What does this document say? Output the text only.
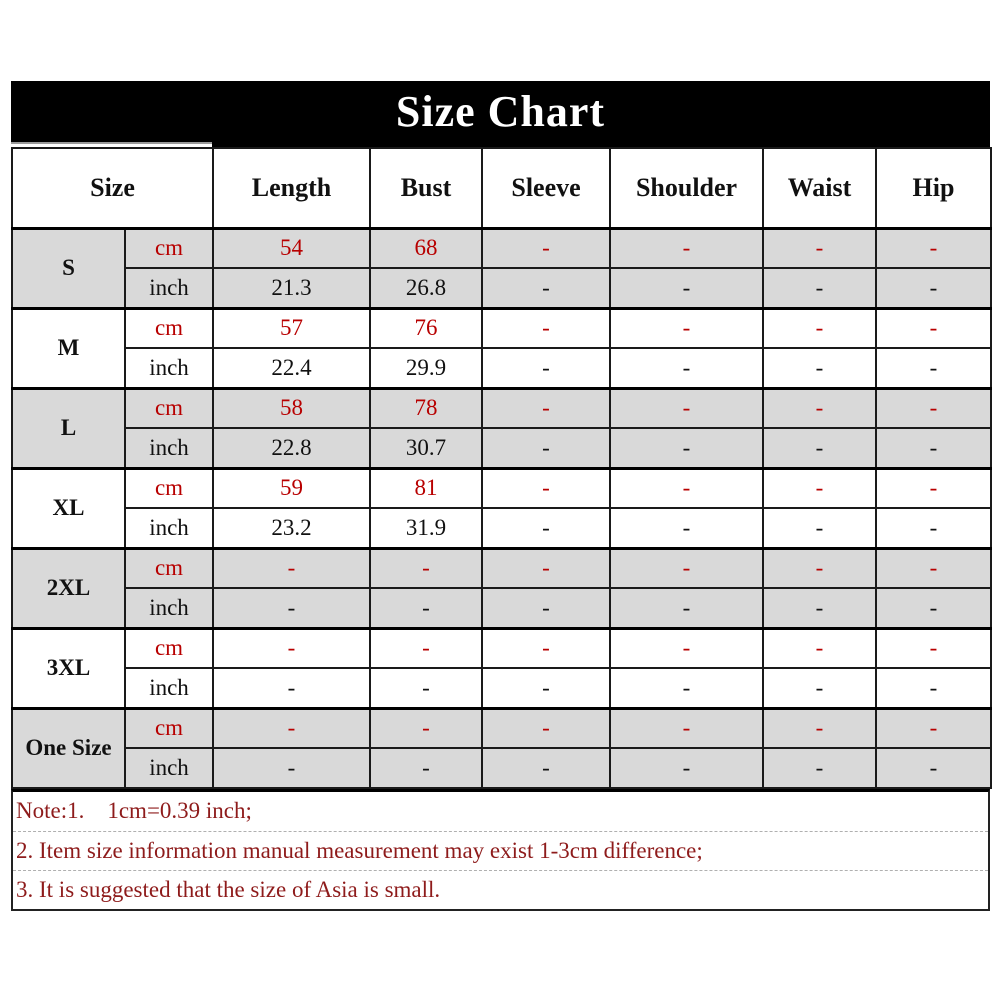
Size Chart
Size		Length	Bust	Sleeve	Shoulder	Waist	Hip
S	cm	54	68	-	-	-	-
	inch	21.3	26.8	-	-	-	-
M	cm	57	76	-	-	-	-
	inch	22.4	29.9	-	-	-	-
L	cm	58	78	-	-	-	-
	inch	22.8	30.7	-	-	-	-
XL	cm	59	81	-	-	-	-
	inch	23.2	31.9	-	-	-	-
2XL	cm	-	-	-	-	-	-
	inch	-	-	-	-	-	-
3XL	cm	-	-	-	-	-	-
	inch	-	-	-	-	-	-
One Size	cm	-	-	-	-	-	-
	inch	-	-	-	-	-	-
Note:1.    1cm=0.39 inch;
2. Item size information manual measurement may exist 1-3cm difference;
3. It is suggested that the size of Asia is small.
